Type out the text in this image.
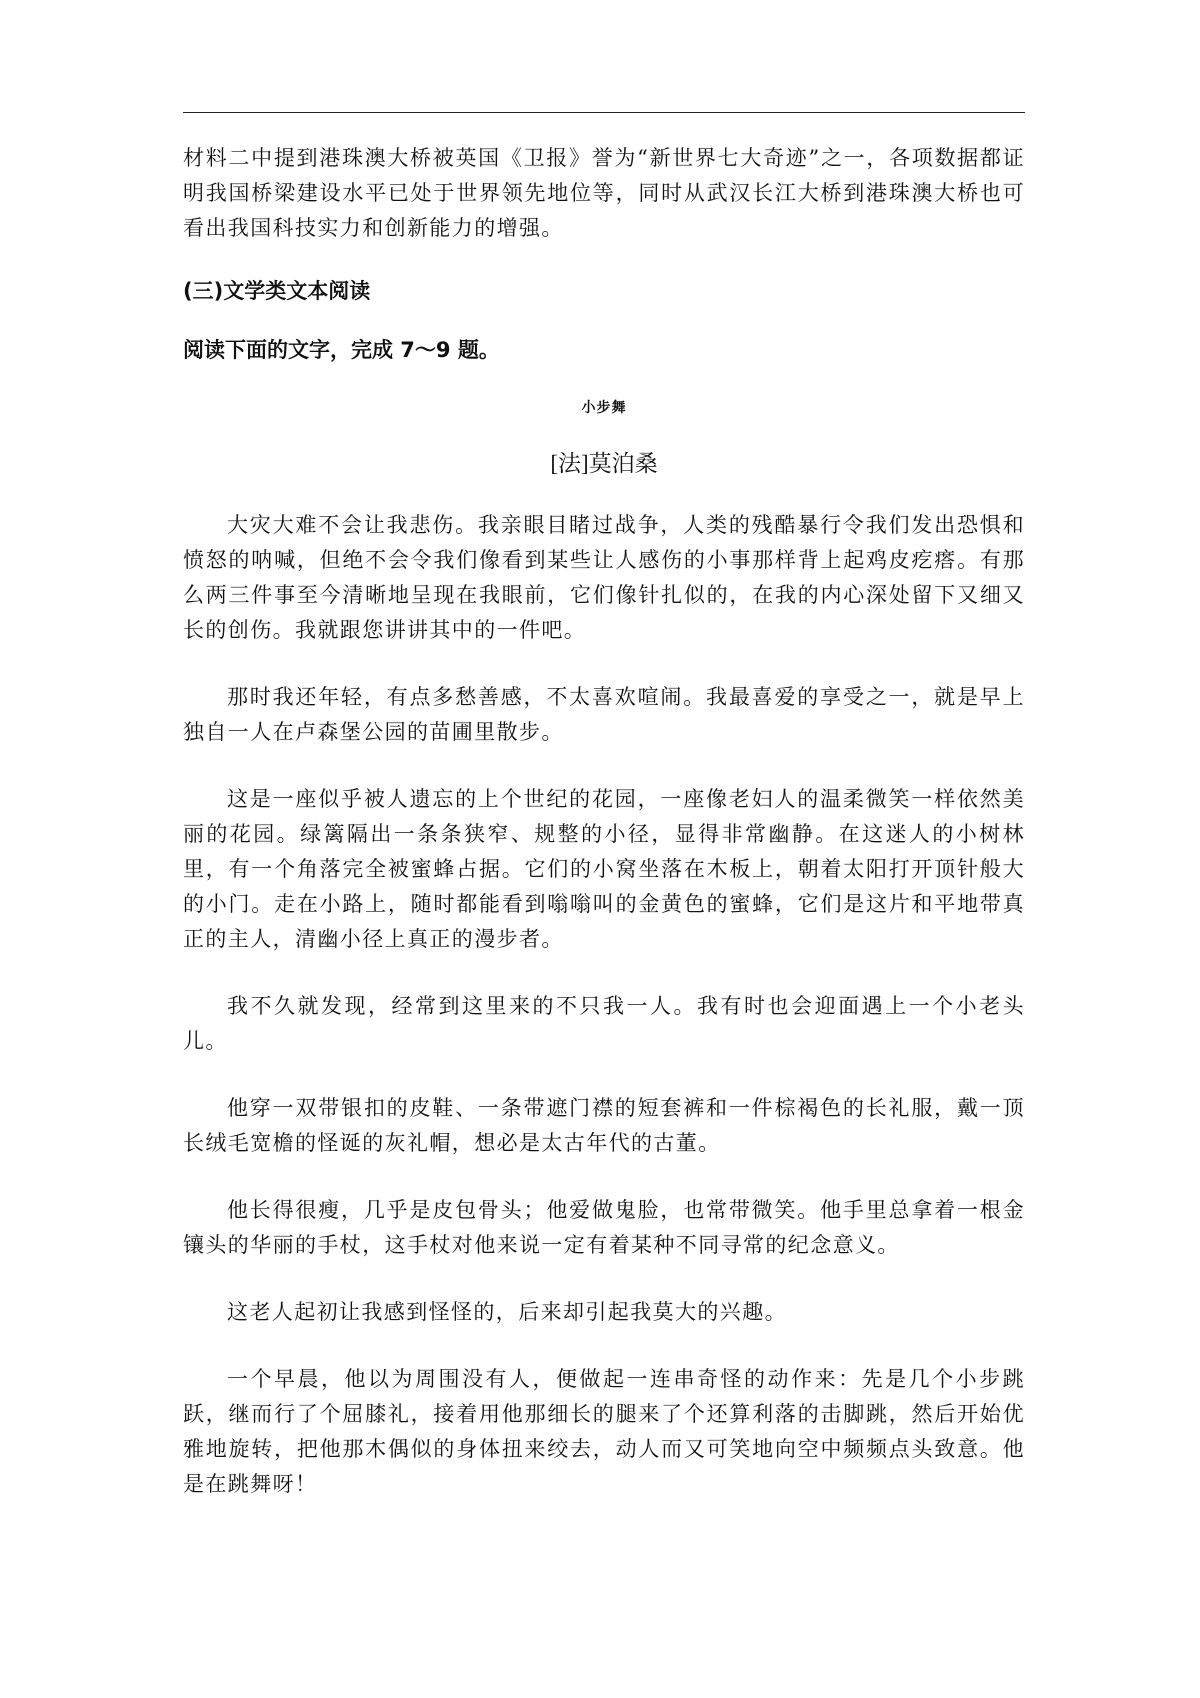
材料二中提到港珠澳大桥被英国《卫报》誉为“新世界七大奇迹”之一，各项数据都证明我国桥梁建设水平已处于世界领先地位等，同时从武汉长江大桥到港珠澳大桥也可看出我国科技实力和创新能力的增强。

(三)文学类文本阅读

阅读下面的文字，完成 7～9 题。

小步舞

[法]莫泊桑

大灾大难不会让我悲伤。我亲眼目睹过战争，人类的残酷暴行令我们发出恐惧和愤怒的呐喊，但绝不会令我们像看到某些让人感伤的小事那样背上起鸡皮疙瘩。有那么两三件事至今清晰地呈现在我眼前，它们像针扎似的，在我的内心深处留下又细又长的创伤。我就跟您讲讲其中的一件吧。

那时我还年轻，有点多愁善感，不太喜欢喧闹。我最喜爱的享受之一，就是早上独自一人在卢森堡公园的苗圃里散步。

这是一座似乎被人遗忘的上个世纪的花园，一座像老妇人的温柔微笑一样依然美丽的花园。绿篱隔出一条条狭窄、规整的小径，显得非常幽静。在这迷人的小树林里，有一个角落完全被蜜蜂占据。它们的小窝坐落在木板上，朝着太阳打开顶针般大的小门。走在小路上，随时都能看到嗡嗡叫的金黄色的蜜蜂，它们是这片和平地带真正的主人，清幽小径上真正的漫步者。

我不久就发现，经常到这里来的不只我一人。我有时也会迎面遇上一个小老头儿。

他穿一双带银扣的皮鞋、一条带遮门襟的短套裤和一件棕褐色的长礼服，戴一顶长绒毛宽檐的怪诞的灰礼帽，想必是太古年代的古董。

他长得很瘦，几乎是皮包骨头；他爱做鬼脸，也常带微笑。他手里总拿着一根金镶头的华丽的手杖，这手杖对他来说一定有着某种不同寻常的纪念意义。

这老人起初让我感到怪怪的，后来却引起我莫大的兴趣。

一个早晨，他以为周围没有人，便做起一连串奇怪的动作来：先是几个小步跳跃，继而行了个屈膝礼，接着用他那细长的腿来了个还算利落的击脚跳，然后开始优雅地旋转，把他那木偶似的身体扭来绞去，动人而又可笑地向空中频频点头致意。他是在跳舞呀！
